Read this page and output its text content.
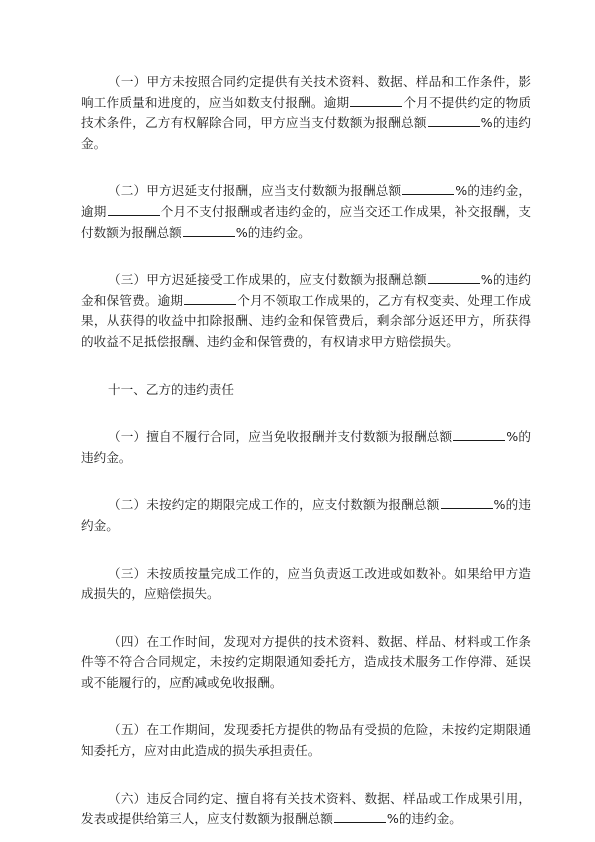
（一）甲方未按照合同约定提供有关技术资料、数据、样品和工作条件，影响工作质量和进度的，应当如数支付报酬。逾期	个月不提供约定的物质技术条件，乙方有权解除合同，甲方应当支付数额为报酬总额	%的违约金。

（二）甲方迟延支付报酬，应当支付数额为报酬总额	%的违约金，逾期	个月不支付报酬或者违约金的，应当交还工作成果，补交报酬，支付数额为报酬总额	%的违约金。

（三）甲方迟延接受工作成果的，应支付数额为报酬总额	%的违约金和保管费。逾期	个月不领取工作成果的，乙方有权变卖、处理工作成果，从获得的收益中扣除报酬、违约金和保管费后，剩余部分返还甲方，所获得的收益不足抵偿报酬、违约金和保管费的，有权请求甲方赔偿损失。

十一、乙方的违约责任

（一）擅自不履行合同，应当免收报酬并支付数额为报酬总额	%的违约金。

（二）未按约定的期限完成工作的，应支付数额为报酬总额	%的违约金。

（三）未按质按量完成工作的，应当负责返工改进或如数补。如果给甲方造成损失的，应赔偿损失。

（四）在工作时间，发现对方提供的技术资料、数据、样品、材料或工作条件等不符合合同规定，未按约定期限通知委托方，造成技术服务工作停滞、延误或不能履行的，应酌减或免收报酬。

（五）在工作期间，发现委托方提供的物品有受损的危险，未按约定期限通知委托方，应对由此造成的损失承担责任。

（六）违反合同约定、擅自将有关技术资料、数据、样品或工作成果引用，发表或提供给第三人，应支付数额为报酬总额	%的违约金。
